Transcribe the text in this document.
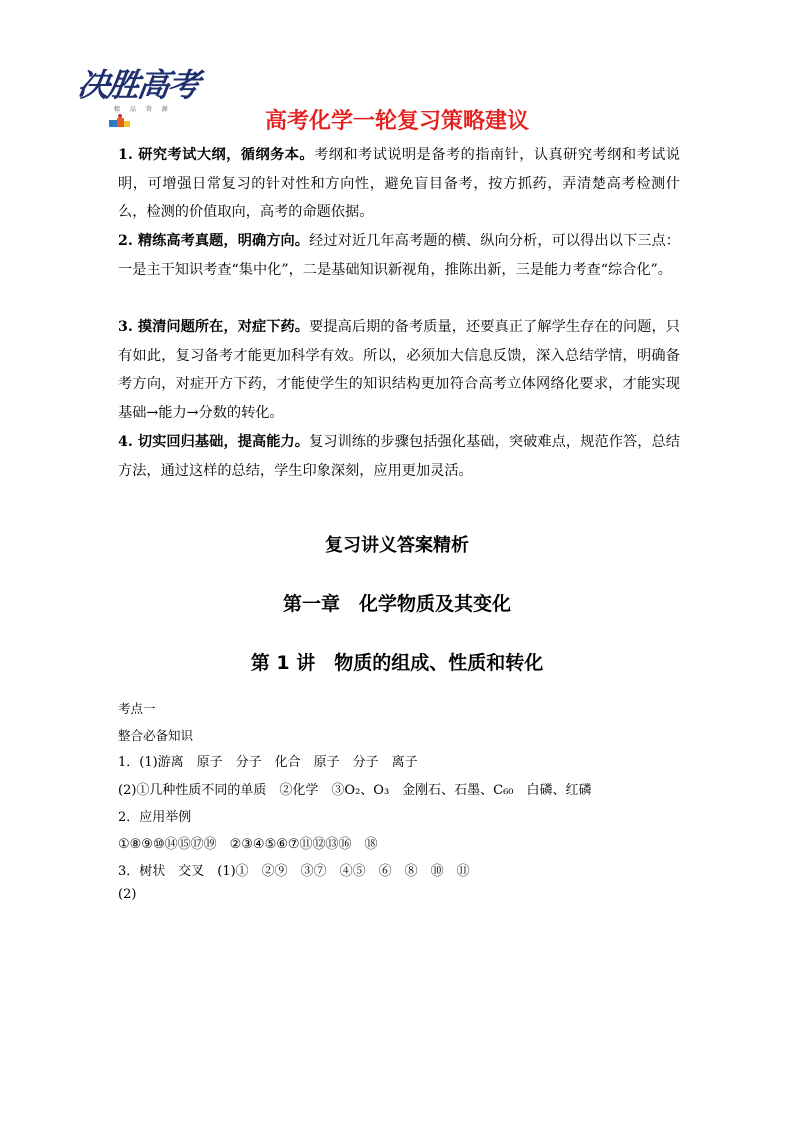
决胜高考
精 品 资 源	高考化学一轮复习策略建议
1. 研究考试大纲，循纲务本。考纲和考试说明是备考的指南针，认真研究考纲和考试说明，可增强日常复习的针对性和方向性，避免盲目备考，按方抓药，弄清楚高考检测什么，检测的价值取向，高考的命题依据。
2. 精练高考真题，明确方向。经过对近几年高考题的横、纵向分析，可以得出以下三点：一是主干知识考查“集中化”，二是基础知识新视角，推陈出新，三是能力考查“综合化”。
3. 摸清问题所在，对症下药。要提高后期的备考质量，还要真正了解学生存在的问题，只有如此，复习备考才能更加科学有效。所以，必须加大信息反馈，深入总结学情，明确备考方向，对症开方下药，才能使学生的知识结构更加符合高考立体网络化要求，才能实现基础→能力→分数的转化。
4. 切实回归基础，提高能力。复习训练的步骤包括强化基础，突破难点，规范作答，总结方法，通过这样的总结，学生印象深刻，应用更加灵活。
复习讲义答案精析
第一章　化学物质及其变化
第 1 讲　物质的组成、性质和转化
考点一
整合必备知识
1．(1)游离　原子　分子　化合　原子　分子　离子
(2)①几种性质不同的单质　②化学　③O₂、O₃　金刚石、石墨、C₆₀　白磷、红磷
2．应用举例
①⑧⑨⑩⑭⑮⑰⑲　②③④⑤⑥⑦⑪⑫⑬⑯　⑱
3．树状　交叉　(1)①　②⑨　③⑦　④⑤　⑥　⑧　⑩　⑪
(2)
